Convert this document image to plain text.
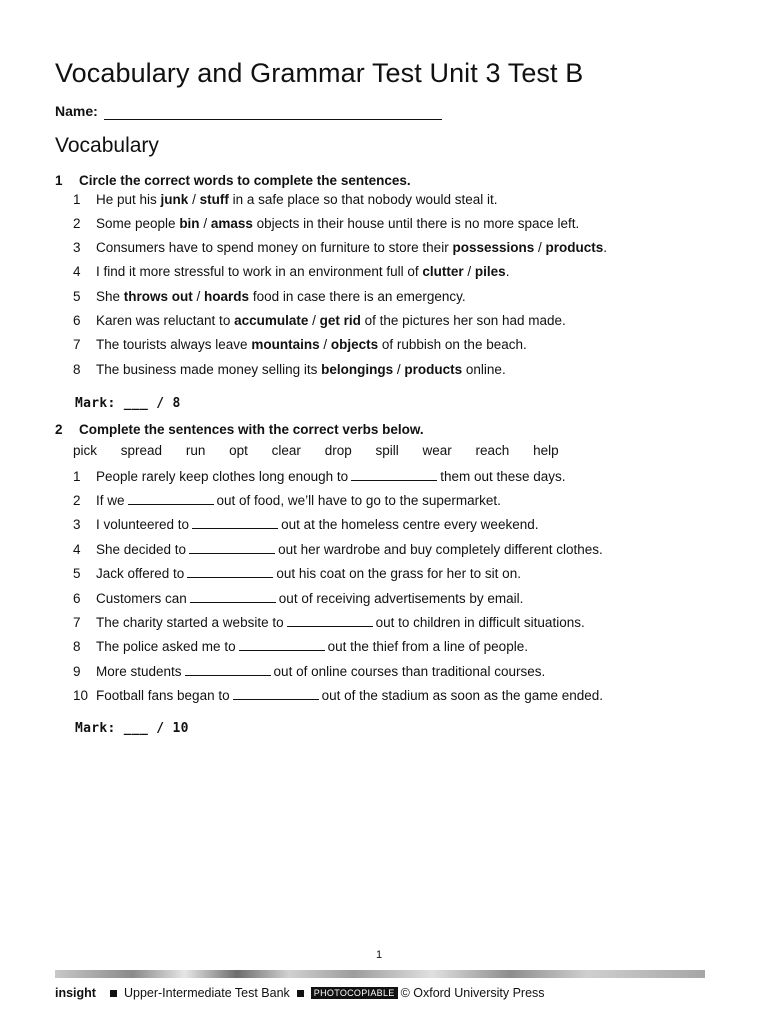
Vocabulary and Grammar Test Unit 3 Test B
Name:
Vocabulary
1 Circle the correct words to complete the sentences.
1 He put his junk / stuff in a safe place so that nobody would steal it.
2 Some people bin / amass objects in their house until there is no more space left.
3 Consumers have to spend money on furniture to store their possessions / products.
4 I find it more stressful to work in an environment full of clutter / piles.
5 She throws out / hoards food in case there is an emergency.
6 Karen was reluctant to accumulate / get rid of the pictures her son had made.
7 The tourists always leave mountains / objects of rubbish on the beach.
8 The business made money selling its belongings / products online.
Mark: ___ / 8
2 Complete the sentences with the correct verbs below.
pick spread run opt clear drop spill wear reach help
1 People rarely keep clothes long enough to	them out these days.
2 If we	out of food, we’ll have to go to the supermarket.
3 I volunteered to	out at the homeless centre every weekend.
4 She decided to	out her wardrobe and buy completely different clothes.
5 Jack offered to	out his coat on the grass for her to sit on.
6 Customers can	out of receiving advertisements by email.
7 The charity started a website to	out to children in difficult situations.
8 The police asked me to	out the thief from a line of people.
9 More students	out of online courses than traditional courses.
10 Football fans began to	out of the stadium as soon as the game ended.
Mark: ___ / 10
1
insight Upper-Intermediate Test Bank	PHOTOCOPIABLE © Oxford University Press
